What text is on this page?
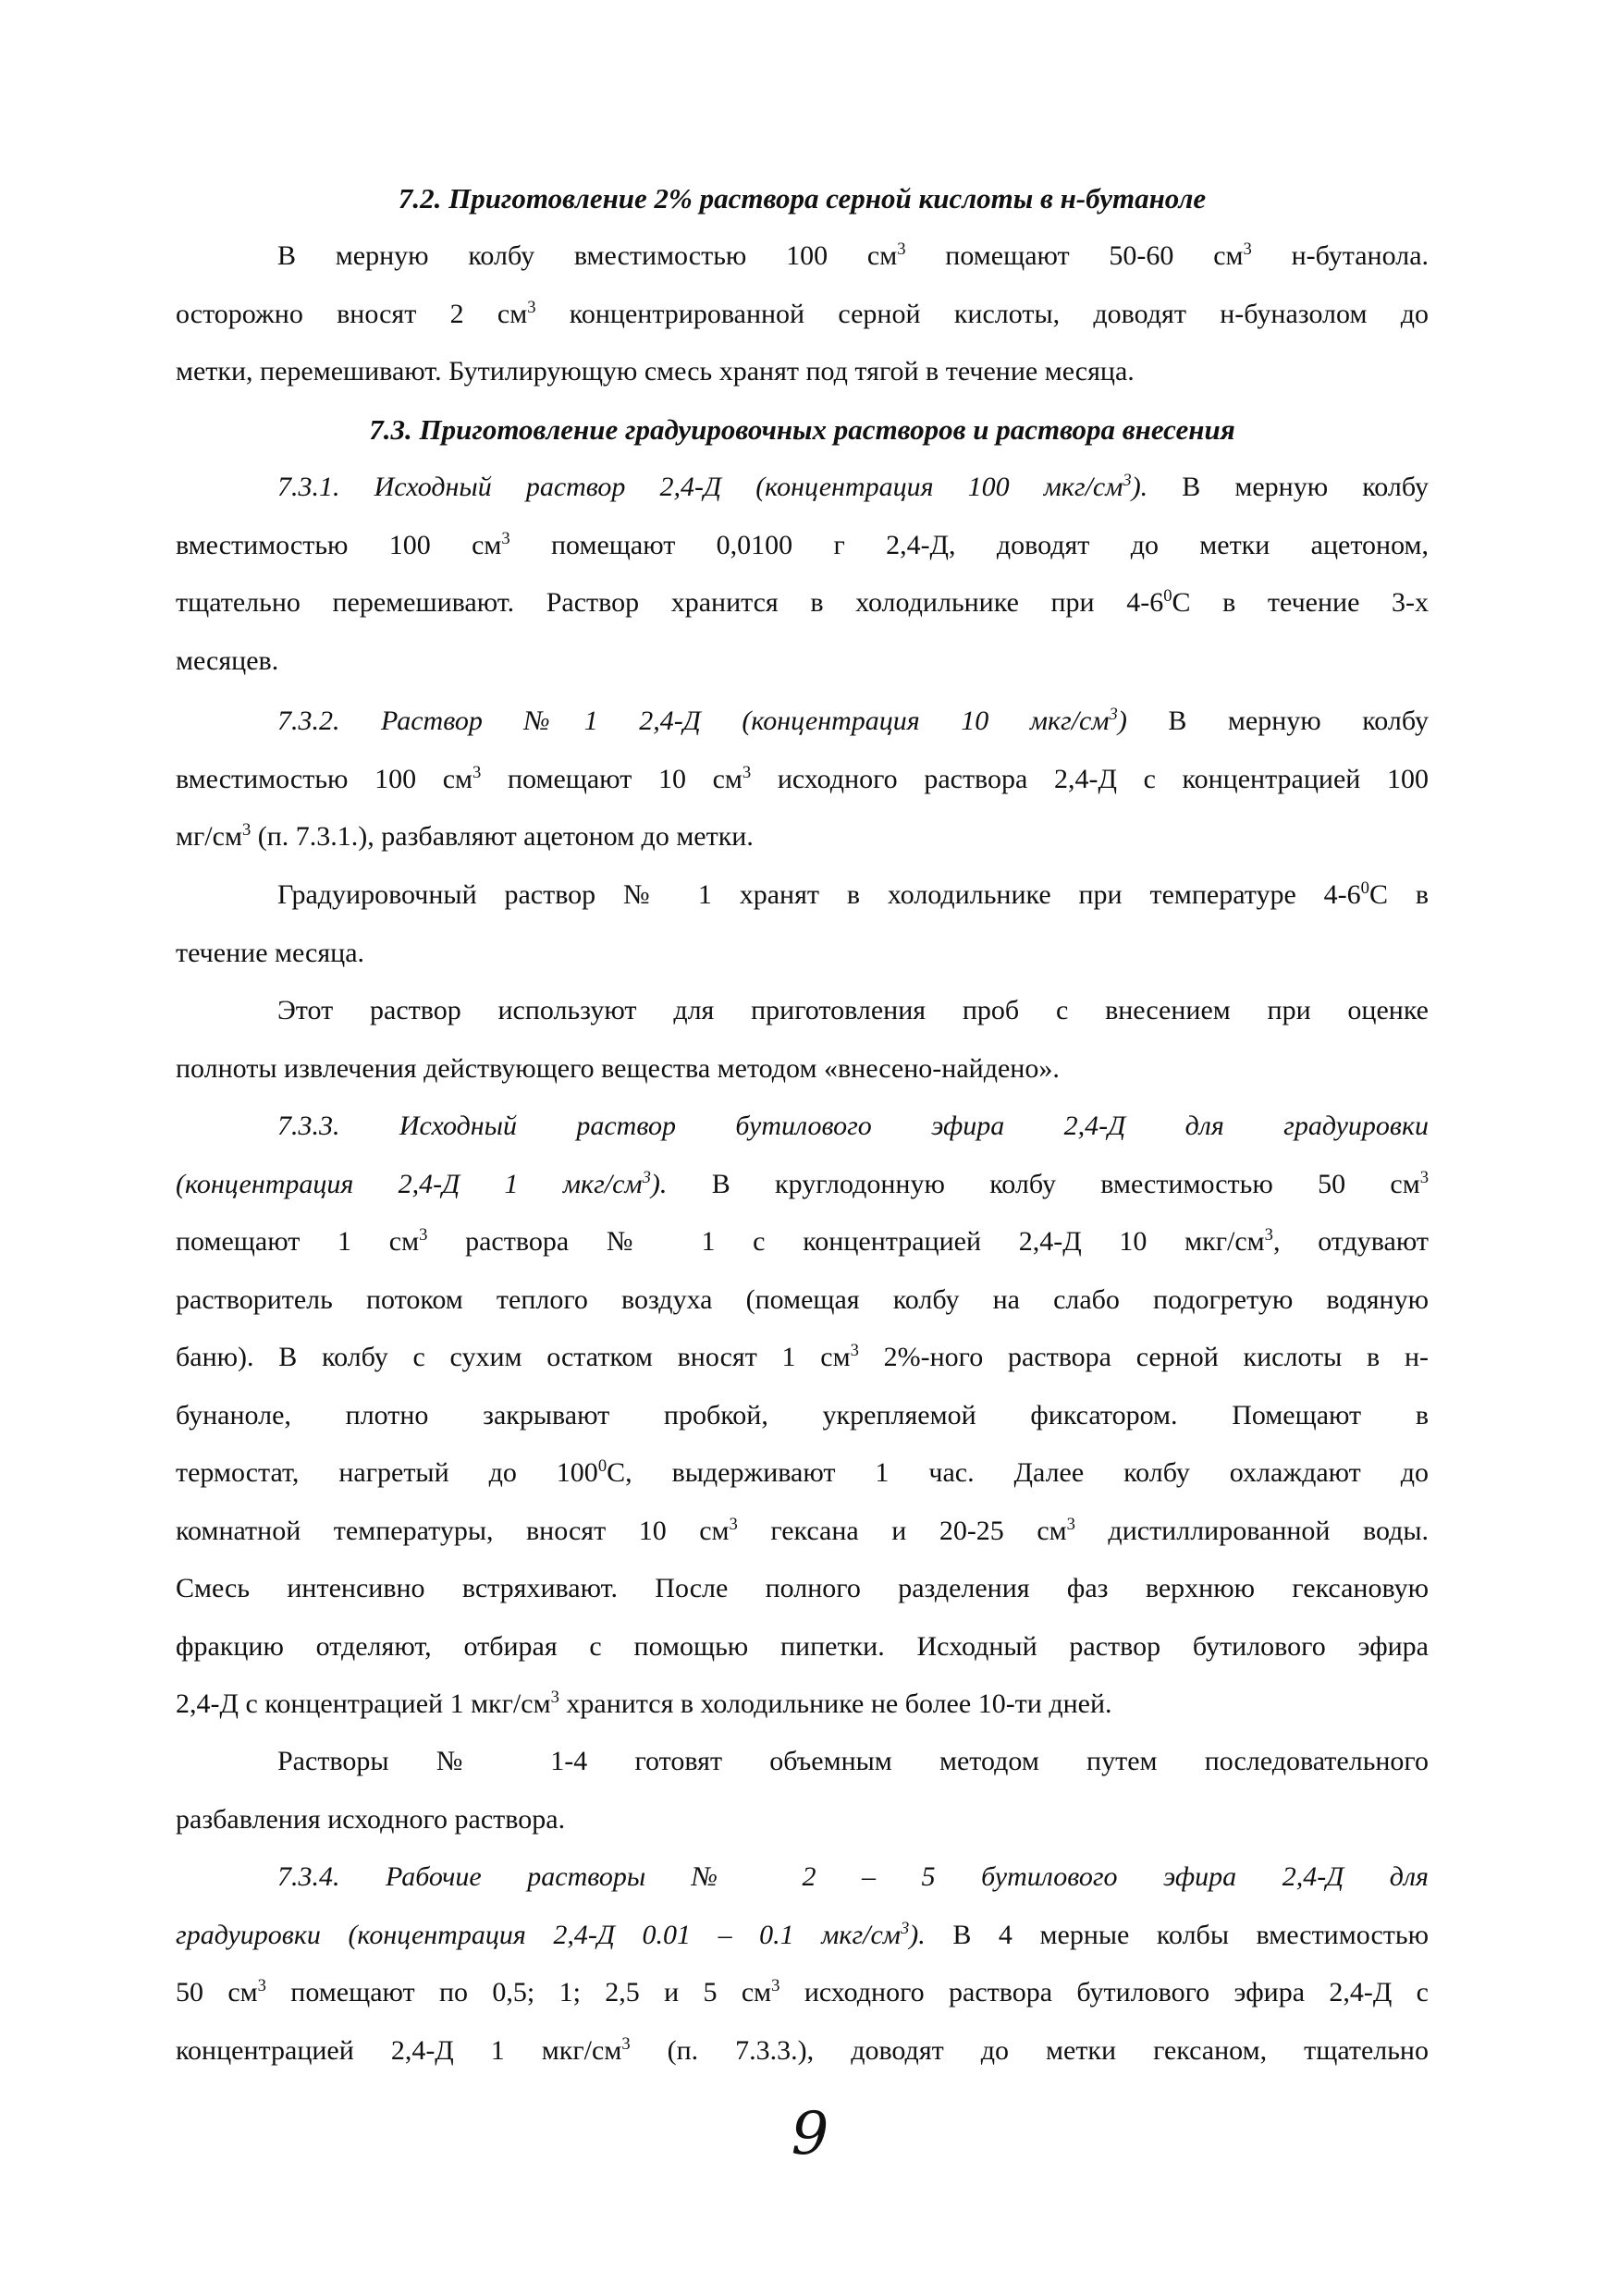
7.2. Приготовление 2% раствора серной кислоты в н-бутаноле
В мерную колбу вместимостью 100 $см^3$ помещают 50-60 $см^3$ н-бутанола.
осторожно вносят 2 $см^3$ концентрированной серной кислоты, доводят н-буназолом до
метки, перемешивают. Бутилирующую смесь хранят под тягой в течение месяца.
7.3. Приготовление градуировочных растворов и раствора внесения
7.3.1. Исходный раствор 2,4-Д (концентрация 100 мкг/$см^3$). В мерную колбу
вместимостью 100 $см^3$ помещают 0,0100 г 2,4-Д, доводят до метки ацетоном,
тщательно перемешивают. Раствор хранится в холодильнике при $4-6^0С$ в течение 3-х
месяцев.
7.3.2. Раствор №1 2,4-Д (концентрация 10 мкг/$см^3$) В мерную колбу
вместимостью 100 $см^3$ помещают 10 $см^3$ исходного раствора 2,4-Д с концентрацией 100
$мг/см^3$ (п. 7.3.1.), разбавляют ацетоном до метки.
Градуировочный раствор № 1 хранят в холодильнике при температуре $4-6^0С$ в
течение месяца.
Этот раствор используют для приготовления проб с внесением при оценке
полноты извлечения действующего вещества методом «внесено-найдено».
7.3.3. Исходный раствор бутилового эфира 2,4-Д для градуировки
(концентрация 2,4-Д 1 мкг/$см^3$). В круглодонную колбу вместимостью 50 $см^3$
помещают 1 $см^3$ раствора № 1 с концентрацией 2,4-Д 10 мкг/$см^3$, отдувают
растворитель потоком теплого воздуха (помещая колбу на слабо подогретую водяную
баню). В колбу с сухим остатком вносят 1 $см^3$ 2%-ного раствора серной кислоты в н-
бунаноле, плотно закрывают пробкой, укрепляемой фиксатором. Помещают в
термостат, нагретый до $100^0С$, выдерживают 1 час. Далее колбу охлаждают до
комнатной температуры, вносят 10 $см^3$ гексана и 20-25 $см^3$ дистиллированной воды.
Смесь интенсивно встряхивают. После полного разделения фаз верхнюю гексановую
фракцию отделяют, отбирая с помощью пипетки. Исходный раствор бутилового эфира
2,4-Д с концентрацией 1 мкг/$см^3$ хранится в холодильнике не более 10-ти дней.
Растворы № 1-4 готовят объемным методом путем последовательного
разбавления исходного раствора.
7.3.4. Рабочие растворы № 2 – 5 бутилового эфира 2,4-Д для
градуировки (концентрация 2,4-Д 0.01 – 0.1 мкг/$см^3$). В 4 мерные колбы вместимостью
50 $см^3$ помещают по 0,5; 1; 2,5 и 5 $см^3$ исходного раствора бутилового эфира 2,4-Д с
концентрацией 2,4-Д 1 мкг/$см^3$ (п. 7.3.3.), доводят до метки гексаном, тщательно
9
